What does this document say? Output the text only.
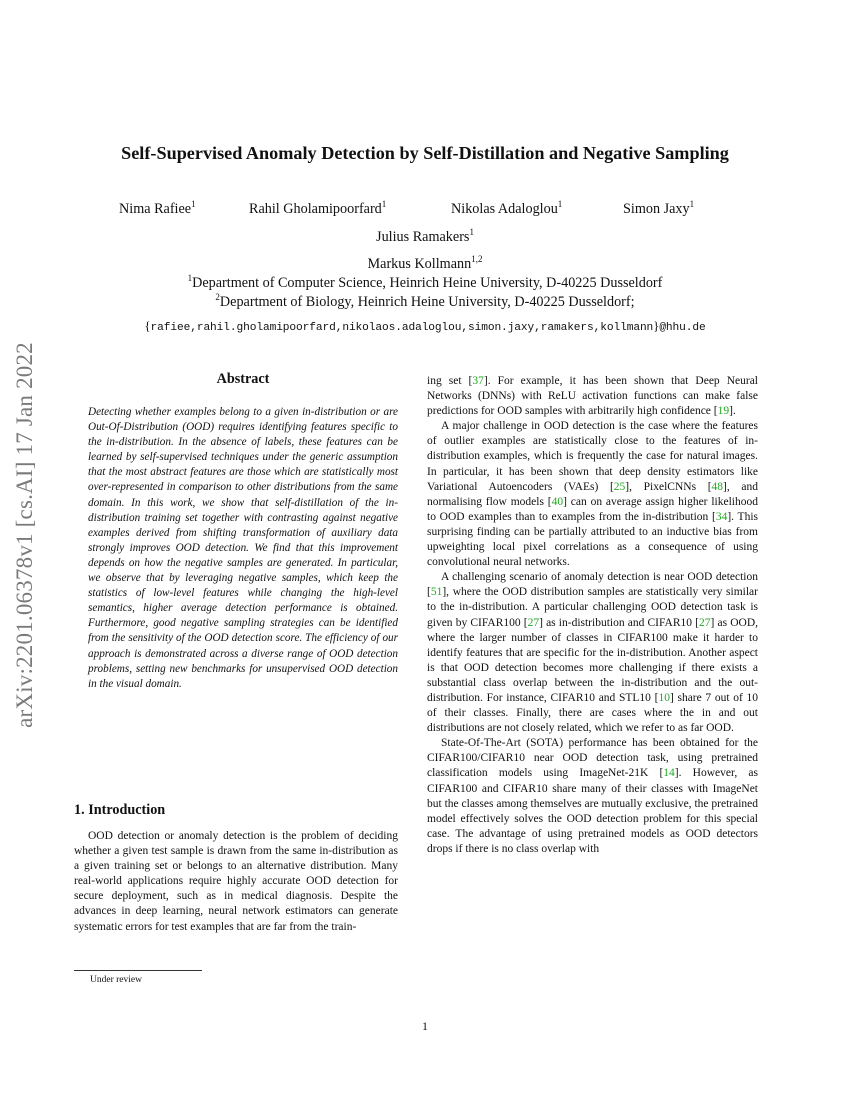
arXiv:2201.06378v1 [cs.AI] 17 Jan 2022
Self-Supervised Anomaly Detection by Self-Distillation and Negative Sampling
Nima Rafiee$^1$	Rahil Gholamipoorfard$^1$	Nikolas Adaloglou$^1$	Simon Jaxy$^1$
Julius Ramakers$^1$
Markus Kollmann$^{1,2}$
$^1$Department of Computer Science, Heinrich Heine University, D-40225 Dusseldorf
$^2$Department of Biology, Heinrich Heine University, D-40225 Dusseldorf;
{rafiee,rahil.gholamipoorfard,nikolaos.adaloglou,simon.jaxy,ramakers,kollmann}@hhu.de
Abstract
Detecting whether examples belong to a given in-distribution or are Out-Of-Distribution (OOD) requires identifying features specific to the in-distribution. In the absence of labels, these features can be learned by self-supervised techniques under the generic assumption that the most abstract features are those which are statistically most over-represented in comparison to other distributions from the same domain. In this work, we show that self-distillation of the in-distribution training set together with contrasting against negative examples derived from shifting transformation of auxiliary data strongly improves OOD detection. We find that this improvement depends on how the negative samples are generated. In particular, we observe that by leveraging negative samples, which keep the statistics of low-level features while changing the high-level semantics, higher average detection performance is obtained. Furthermore, good negative sampling strategies can be identified from the sensitivity of the OOD detection score. The efficiency of our approach is demonstrated across a diverse range of OOD detection problems, setting new benchmarks for unsupervised OOD detection in the visual domain.
1. Introduction
OOD detection or anomaly detection is the problem of deciding whether a given test sample is drawn from the same in-distribution as a given training set or belongs to an alternative distribution. Many real-world applications require highly accurate OOD detection for secure deployment, such as in medical diagnosis. Despite the advances in deep learning, neural network estimators can generate systematic errors for test examples that are far from the train-
Under review

ing set [37]. For example, it has been shown that Deep Neural Networks (DNNs) with ReLU activation functions can make false predictions for OOD samples with arbitrarily high confidence [19].

A major challenge in OOD detection is the case where the features of outlier examples are statistically close to the features of in-distribution examples, which is frequently the case for natural images. In particular, it has been shown that deep density estimators like Variational Autoencoders (VAEs) [25], PixelCNNs [48], and normalising flow models [40] can on average assign higher likelihood to OOD examples than to examples from the in-distribution [34]. This surprising finding can be partially attributed to an inductive bias from upweighting local pixel correlations as a consequence of using convolutional neural networks.

A challenging scenario of anomaly detection is near OOD detection [51], where the OOD distribution samples are statistically very similar to the in-distribution. A particular challenging OOD detection task is given by CIFAR100 [27] as in-distribution and CIFAR10 [27] as OOD, where the larger number of classes in CIFAR100 make it harder to identify features that are specific for the in-distribution. Another aspect is that OOD detection becomes more challenging if there exists a substantial class overlap between the in-distribution and the out-distribution. For instance, CIFAR10 and STL10 [10] share 7 out of 10 of their classes. Finally, there are cases where the in and out distributions are not closely related, which we refer to as far OOD.

State-Of-The-Art (SOTA) performance has been obtained for the CIFAR100/CIFAR10 near OOD detection task, using pretrained classification models using ImageNet-21K [14]. However, as CIFAR100 and CIFAR10 share many of their classes with ImageNet but the classes among themselves are mutually exclusive, the pretrained model effectively solves the OOD detection problem for this special case. The advantage of using pretrained models as OOD detectors drops if there is no class overlap with

1
